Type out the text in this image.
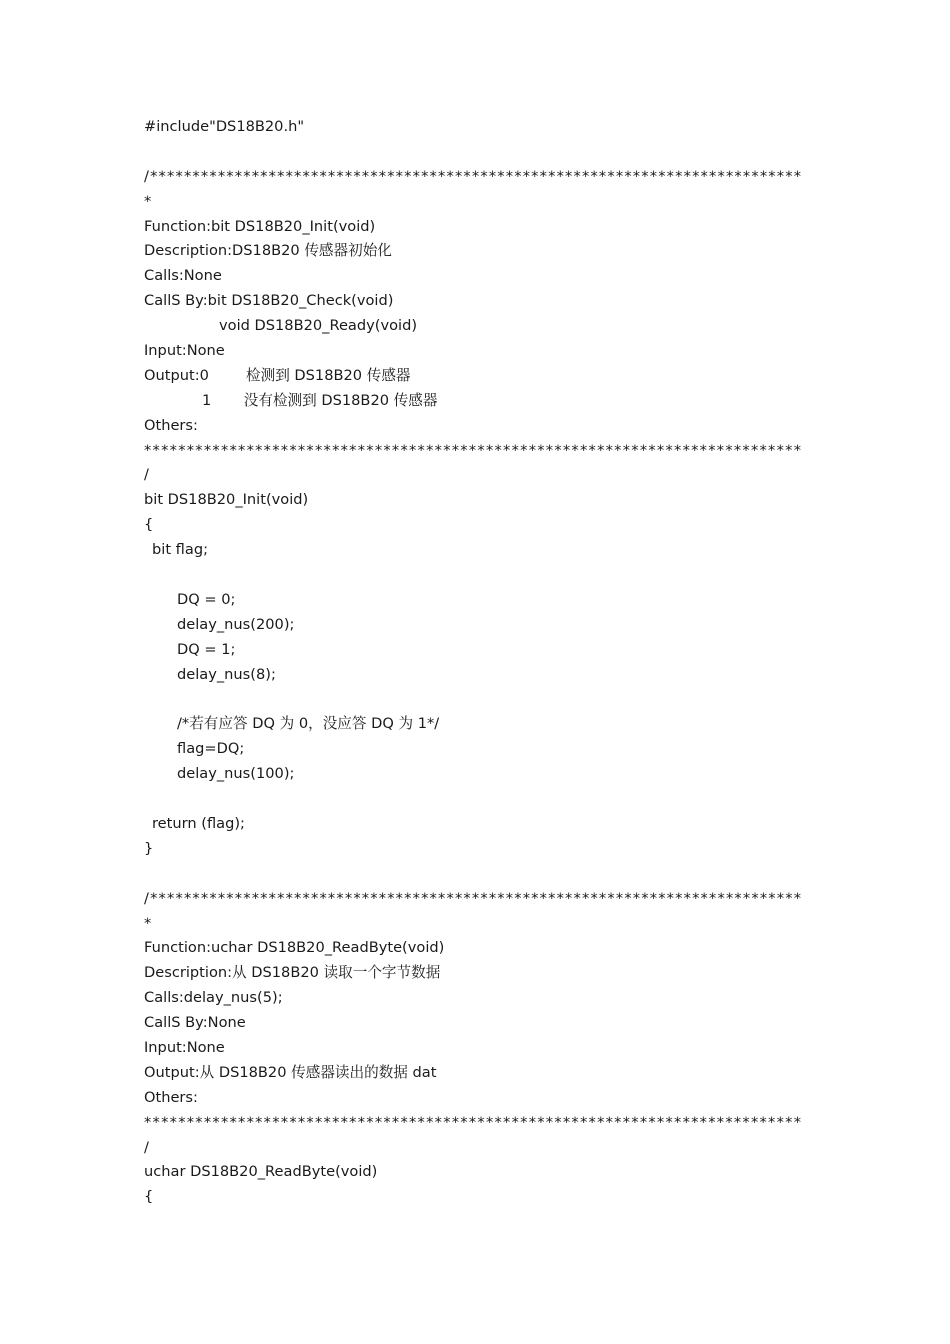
#include"DS18B20.h"
/*****************************************************************************
*
Function:bit DS18B20_Init(void)
Description:DS18B20 传感器初始化
Calls:None
CallS By:bit DS18B20_Check(void)
void DS18B20_Ready(void)
Input:None
Output:0        检测到 DS18B20 传感器
1       没有检测到 DS18B20 传感器
Others:
*****************************************************************************
/
bit DS18B20_Init(void)
{
bit flag;
DQ = 0;
delay_nus(200);
DQ = 1;
delay_nus(8);
/*若有应答 DQ 为 0，没应答 DQ 为 1*/
flag=DQ;
delay_nus(100);
return (flag);
}
/*****************************************************************************
*
Function:uchar DS18B20_ReadByte(void)
Description:从 DS18B20 读取一个字节数据
Calls:delay_nus(5);
CallS By:None
Input:None
Output:从 DS18B20 传感器读出的数据 dat
Others:
*****************************************************************************
/
uchar DS18B20_ReadByte(void)
{
